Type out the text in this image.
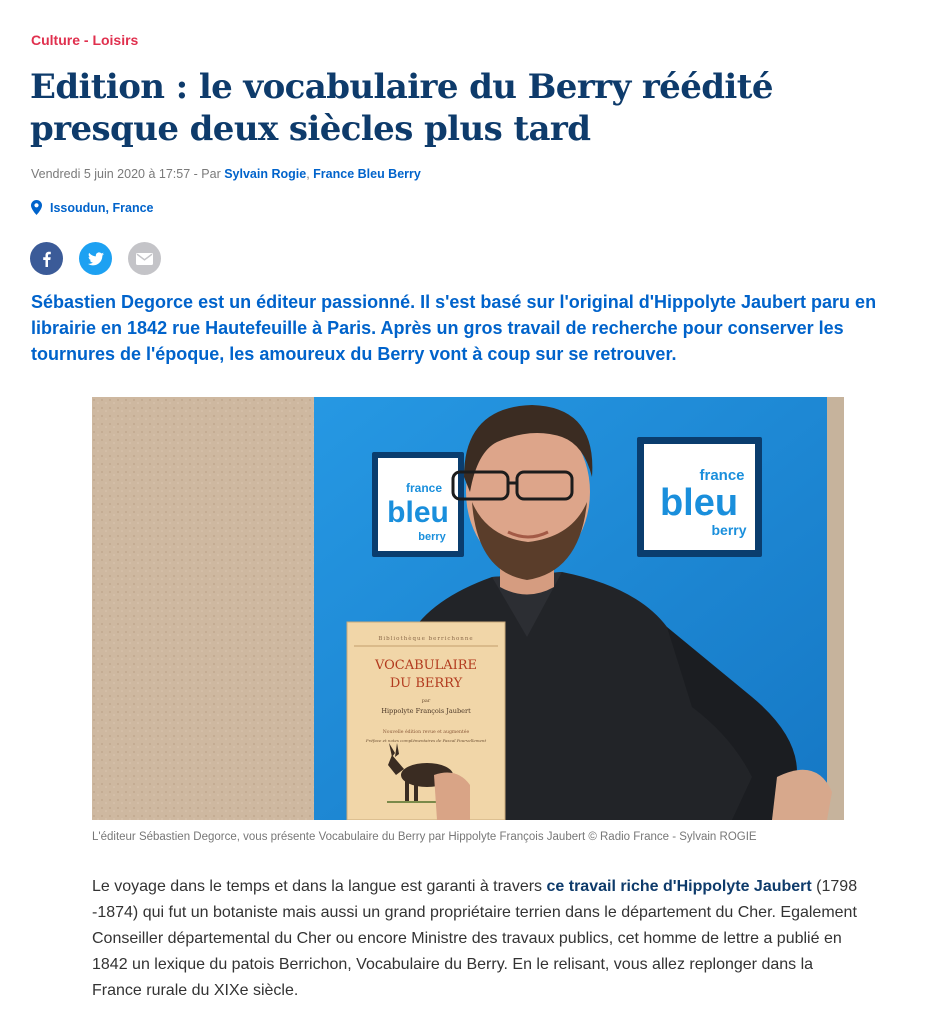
Culture - Loisirs
Edition : le vocabulaire du Berry réédité presque deux siècles plus tard
Vendredi 5 juin 2020 à 17:57 - Par Sylvain Rogie, France Bleu Berry
Issoudun, France

Sébastien Degorce est un éditeur passionné. Il s'est basé sur l'original d'Hippolyte Jaubert paru en librairie en 1842 rue Hautefeuille à Paris. Après un gros travail de recherche pour conserver les tournures de l'époque, les amoureux du Berry vont à coup sur se retrouver.

france
bleu
berry
france
bleu
berry
Bibliothèque berrichonne
VOCABULAIRE
DU BERRY
par
Hippolyte François Jaubert
Nouvelle édition revue et augmentée
Préface et notes complémentaires de Pascal Pourvellement
L'éditeur Sébastien Degorce, vous présente Vocabulaire du Berry par Hippolyte François Jaubert © Radio France - Sylvain ROGIE

Le voyage dans le temps et dans la langue est garanti à travers ce travail riche d'Hippolyte Jaubert (1798 -1874) qui fut un botaniste mais aussi un grand propriétaire terrien dans le département du Cher. Egalement Conseiller départemental du Cher ou encore Ministre des travaux publics, cet homme de lettre a publié en 1842 un lexique du patois Berrichon, Vocabulaire du Berry. En le relisant, vous allez replonger dans la France rurale du XIXe siècle.
